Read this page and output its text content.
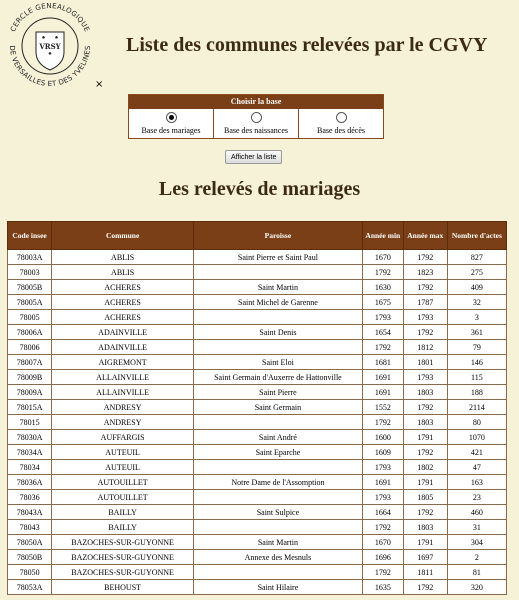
CERCLE GENEALOGIQUE
DE VERSAILLES ET DES YVELINES
VRSY
×
Liste des communes relevées par le CGVY
Choisir la base
Base des mariages	Base des naissances	Base des décès
Afficher la liste
Les relevés de mariages
Code insee	Commune	Paroisse	Année min	Année max	Nombre d'actes
78003A	ABLIS	Saint Pierre et Saint Paul	1670	1792	827
78003	ABLIS		1792	1823	275
78005B	ACHERES	Saint Martin	1630	1792	409
78005A	ACHERES	Saint Michel de Garenne	1675	1787	32
78005	ACHERES		1793	1793	3
78006A	ADAINVILLE	Saint Denis	1654	1792	361
78006	ADAINVILLE		1792	1812	79
78007A	AIGREMONT	Saint Eloi	1681	1801	146
78009B	ALLAINVILLE	Saint Germain d'Auxerre de Hattonville	1691	1793	115
78009A	ALLAINVILLE	Saint Pierre	1691	1803	188
78015A	ANDRESY	Saint Germain	1552	1792	2114
78015	ANDRESY		1792	1803	80
78030A	AUFFARGIS	Saint André	1600	1791	1070
78034A	AUTEUIL	Saint Eparche	1609	1792	421
78034	AUTEUIL		1793	1802	47
78036A	AUTOUILLET	Notre Dame de l'Assomption	1691	1791	163
78036	AUTOUILLET		1793	1805	23
78043A	BAILLY	Saint Sulpice	1664	1792	460
78043	BAILLY		1792	1803	31
78050A	BAZOCHES-SUR-GUYONNE	Saint Martin	1670	1791	304
78050B	BAZOCHES-SUR-GUYONNE	Annexe des Mesnuls	1696	1697	2
78050	BAZOCHES-SUR-GUYONNE		1792	1811	81
78053A	BEHOUST	Saint Hilaire	1635	1792	320
